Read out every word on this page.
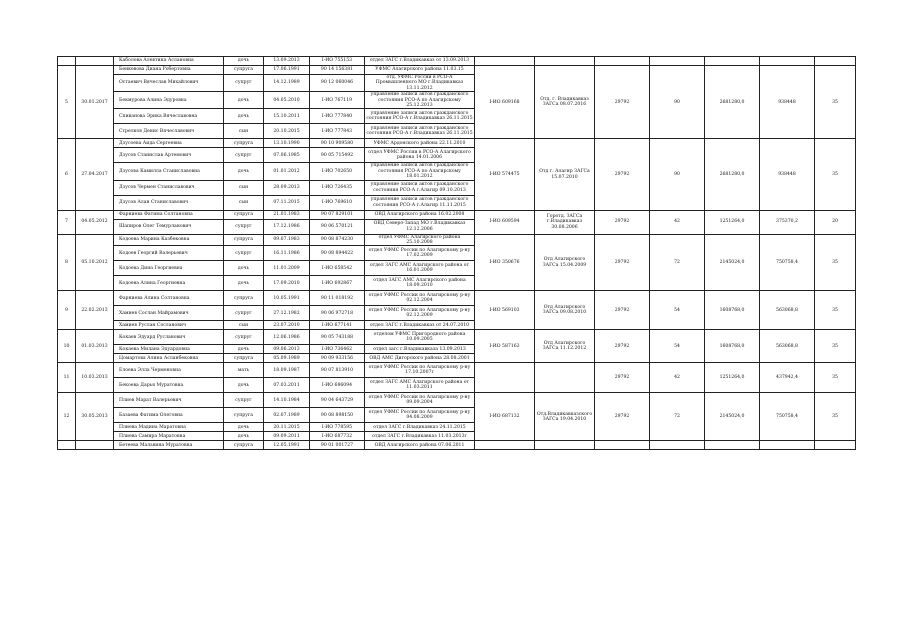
		Каболова Алевтина Аслановна	дочь	13.09.2013	I-ИО 755153	отдел ЗАГС г.Владикавказ от 13.09.2013							
5	30.01.2017	Бенкевова Диана Робертовна	супруга	17.06.1991	90 14 156381	УФМС Алагирского района 11.03.15	I-ИО 609168	Отд. г. Владикавказ ЗАГСа 08.07.2016	29792	90	2681280,0	938448	35
		Остаевич Вячеслав Михайлович	супруг	14.12.1989	90 12 060046	отд. УФМС России в РСО-А Промышленного МО г.Владикавказ 13.11.2012							
		Бекмурова Алина Эдуровна	дочь	04.05.2010	I-ИО 767119	управление записи актов гражданского состояния РСО-А по Алагирскому 25.12.2013							
		Спиванова Эрика Вячеславовна	дочь	15.10.2011	I-ИО 777840	управление записи актов гражданского состояния РСО-А г.Владикавказ 26.11.2015							
		Стрелков Денис Вячеславович	сын	20.10.2015	I-ИО 777843	управление записи актов гражданского состояния РСО-А г.Владикавказ 26.11.2015							
6	27.04.2017	Дзусоева Аида Сергеевна	супруга	13.10.1990	90 10 909580	УФМС Ардонского района 22.11.2010	I-ИО 574475	Отд г. Алагир ЗАГСа 15.07.2010	29792	90	2681280,0	938448	35
		Дзусов Станислав Артемович	супруг	07.06.1985	90 05 715492	отдел УФМС России в РСО-А Алагирского района 14.01.2006							
		Дзусова Камилла Станиславовна	дочь	01.01.2012	I-ИО 702650	управление записи актов гражданского состояния РСО-А по Алагирскому 18.01.2012							
		Дзусов Чермен Станиславович	сын	28.09.2013	I-ИО 726435	управление записи актов гражданского состояния РСО-А г.Алагир 09.10.2013							
		Дзусов Алан Станиславович	сын	07.11.2015	I-ИО 769610	управление записи актов гражданского состояния РСО-А г.Алагир 11.11.2015							
7	04.05.2012	Фарниева Фатима Солтановна	супруга	21.01.1983	90 07 829101	ОВД Алагирского района 16.02.2008	I-ИО 609594	Горотд. ЗАГСа г.Владикавказ 30.08.2006	29792	42	1251264,0	375370,2	20
		Шапиров Олег Темурланович	супруг	17.12.1986	90 06 570121	ОВД Северо-Запад МО г.Владикавказ 12.12.2006							
8	05.10.2012	Кодоева Марина Казбековна	супруга	09.07.1983	90 08 874230	отдел УФМС Алагирского района 25.10.2008	I-ИО 350676	Отд Алагирского ЗАГСа 15.04.2009	29792	72	2145024,0	750758,4	35
		Кодоев Георгий Валерьевич	супруг	16.11.1986	90 08 894422	отдел УФМС России по Алагирскому р-ну 17.02.2009							
		Кодоева Дина Георгиевна	дочь	11.01.2009	I-ИО 658542	отдел ЗАГС АМС Алагирского района от 16.01.2009							
		Кодоева Алина Георгиевна	дочь	17.09.2010	I-ИО 692867	отдел ЗАГС АМС Алагирского района 18.09.2010							
9	22.02.2013	Фарниева Алина Солтановна	супруга	10.05.1991	90 11 018192	отдел УФМС России по Алагирскому р-ну 02.12.2004	I-ИО 569103	Отд Алагирского ЗАГСа 09.08.2010	29792	54	1608768,0	563068,8	35
		Хамиев Сослан Майрамович	супруг	27.12.1982	90 06 972718	отдел УФМС России по Алагирскому р-ну 02.12.2009							
		Хамиев Руслан Сосланович	сын	23.07.2010	I-ИО 677141	отдел ЗАГС г.Владикавказ от 24.07.2010							
10	01.03.2013	Кокаев Эдуард Русланович	супруг	12.06.1986	90 05 743188	отделом УФМС Пригородного района 10.09.2005	I-ИО 587163	Отд Алагирского ЗАГСа 11.12.2012	29792	54	1608768,0	563068,8	35
		Кокаева Милана Эдуардовна	дочь	09.06.2013	I-ИО 736462	отдел загс г.Владикавказа 13.09.2013							
		Цомартова Алина Асланбековна	супруга	05.09.1989	90 09 933156	ОВД АМС Дигорского района 28.08.2001							
11	10.03.2013	Елоева Элла Черменовна	мать	18.09.1987	90 07 813910	отдел УФМС России по Алагирскому р-ну 17.10.2007г			29792	42	1251264,0	437942,4	35
		Бекоева Дарья Муратовна	дочь	07.03.2011	I-ИО 686094	отдел ЗАГС АМС Алагирского района от 11.03.2011							
12	30.05.2013	Плиев Марат Валерьевич	супруг	14.10.1984	90 04 643729	отдел УФМС России по Алагирскому р-ну 09.09.2004	I-ИО 687132	Отд.Владикавказского ЗАГСа 19.04.2010	29792	72	2145024,0	750758,4	35
		Базаева Фатима Олеговна	супруга	02.07.1989	90 08 898150	отдел УФМС России по Алагирскому р-ну 04.08.2009							
		Плиева Мадина Маратовна	дочь	20.11.2015	I-ИО 778595	отдел ЗАГС г.Владикавказ 24.11.2015							
		Плиева Самира Маратовна	дочь	09.09.2011	I-ИО 687732	отдел ЗАГС г.Владикавказ 11.03.2013г							
		Бетеева Мальвина Муратовна	супруга	12.05.1991	90 01 001727	ОВД Алагирского района 07.06.2011							
